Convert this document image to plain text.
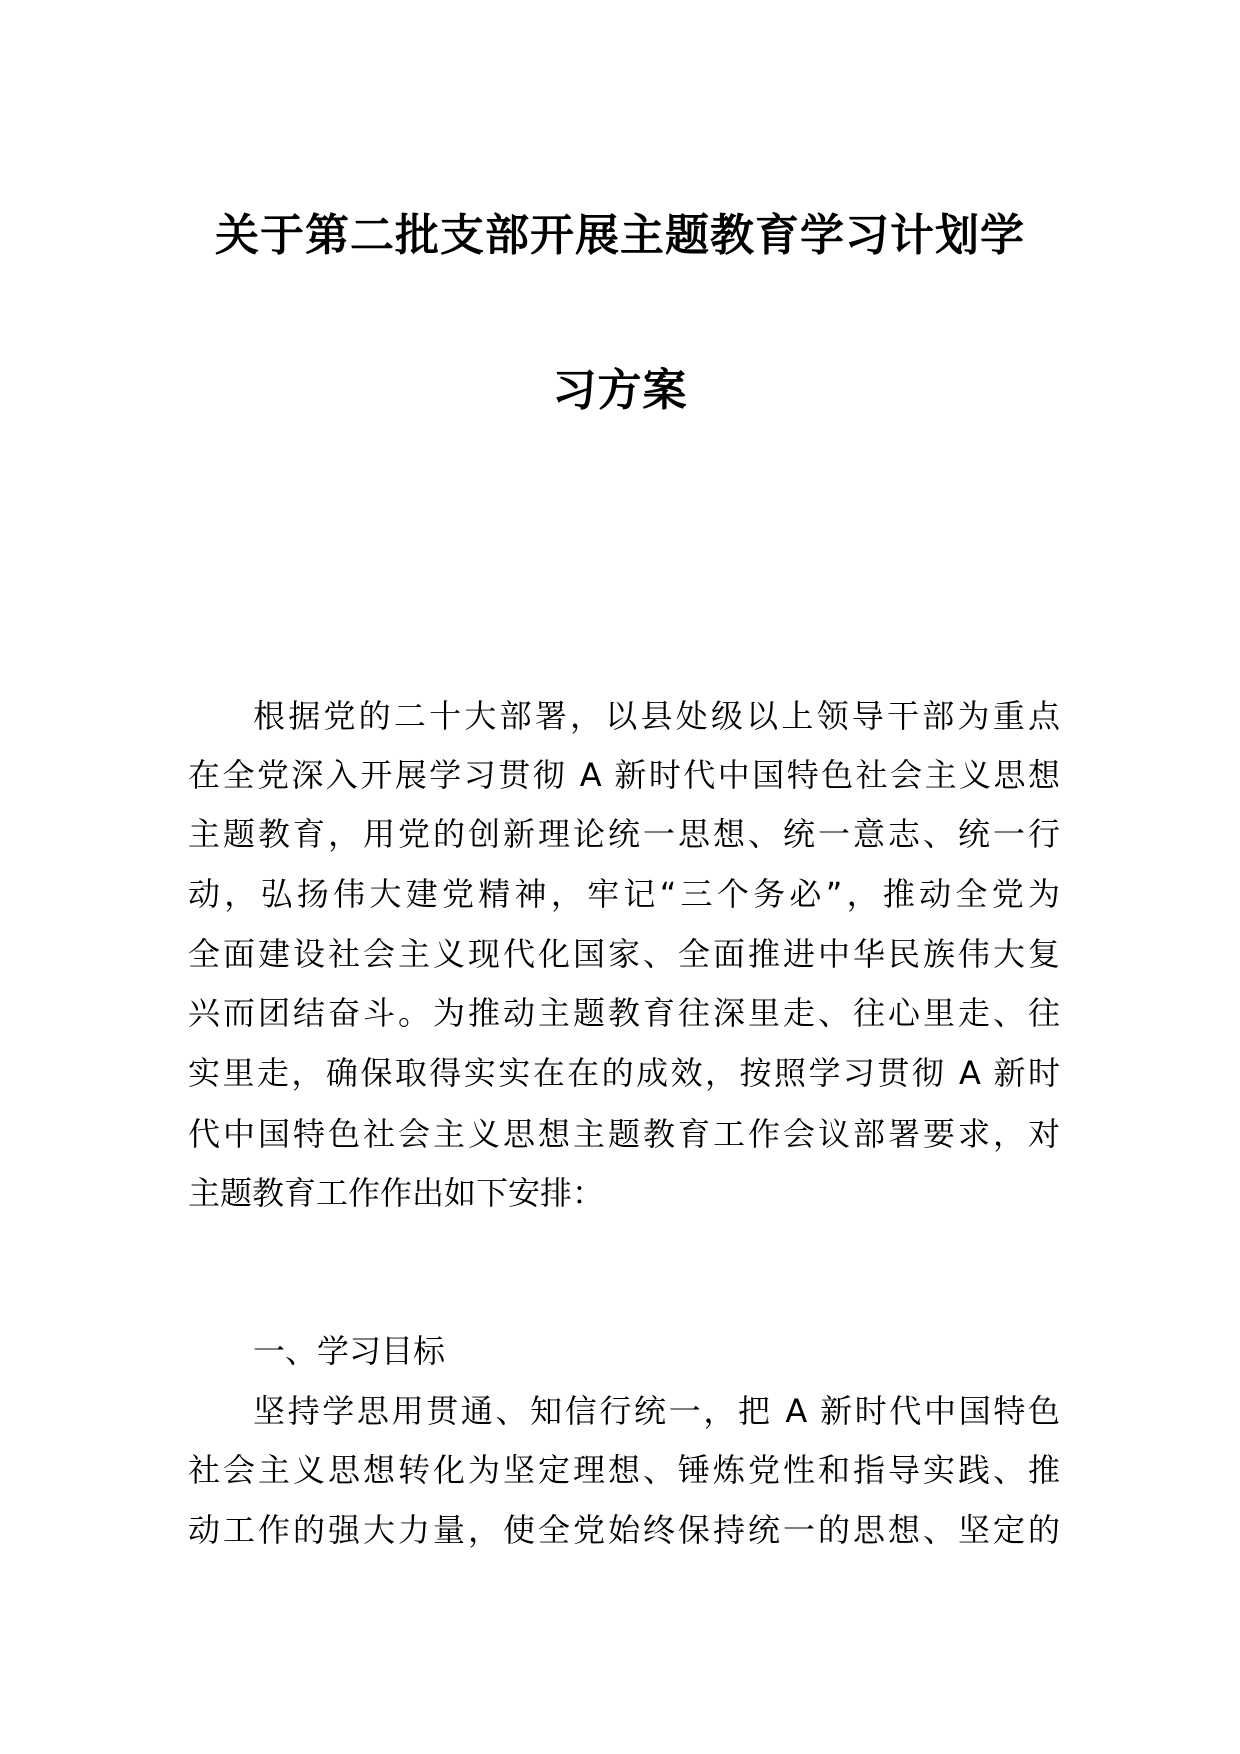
关于第二批支部开展主题教育学习计划学
习方案
根据党的二十大部署，以县处级以上领导干部为重点
在全党深入开展学习贯彻 A 新时代中国特色社会主义思想
主题教育，用党的创新理论统一思想、统一意志、统一行
动，弘扬伟大建党精神，牢记“三个务必”，推动全党为
全面建设社会主义现代化国家、全面推进中华民族伟大复
兴而团结奋斗。为推动主题教育往深里走、往心里走、往
实里走，确保取得实实在在的成效，按照学习贯彻 A 新时
代中国特色社会主义思想主题教育工作会议部署要求，对
主题教育工作作出如下安排：
一、学习目标
坚持学思用贯通、知信行统一，把 A 新时代中国特色
社会主义思想转化为坚定理想、锤炼党性和指导实践、推
动工作的强大力量，使全党始终保持统一的思想、坚定的
